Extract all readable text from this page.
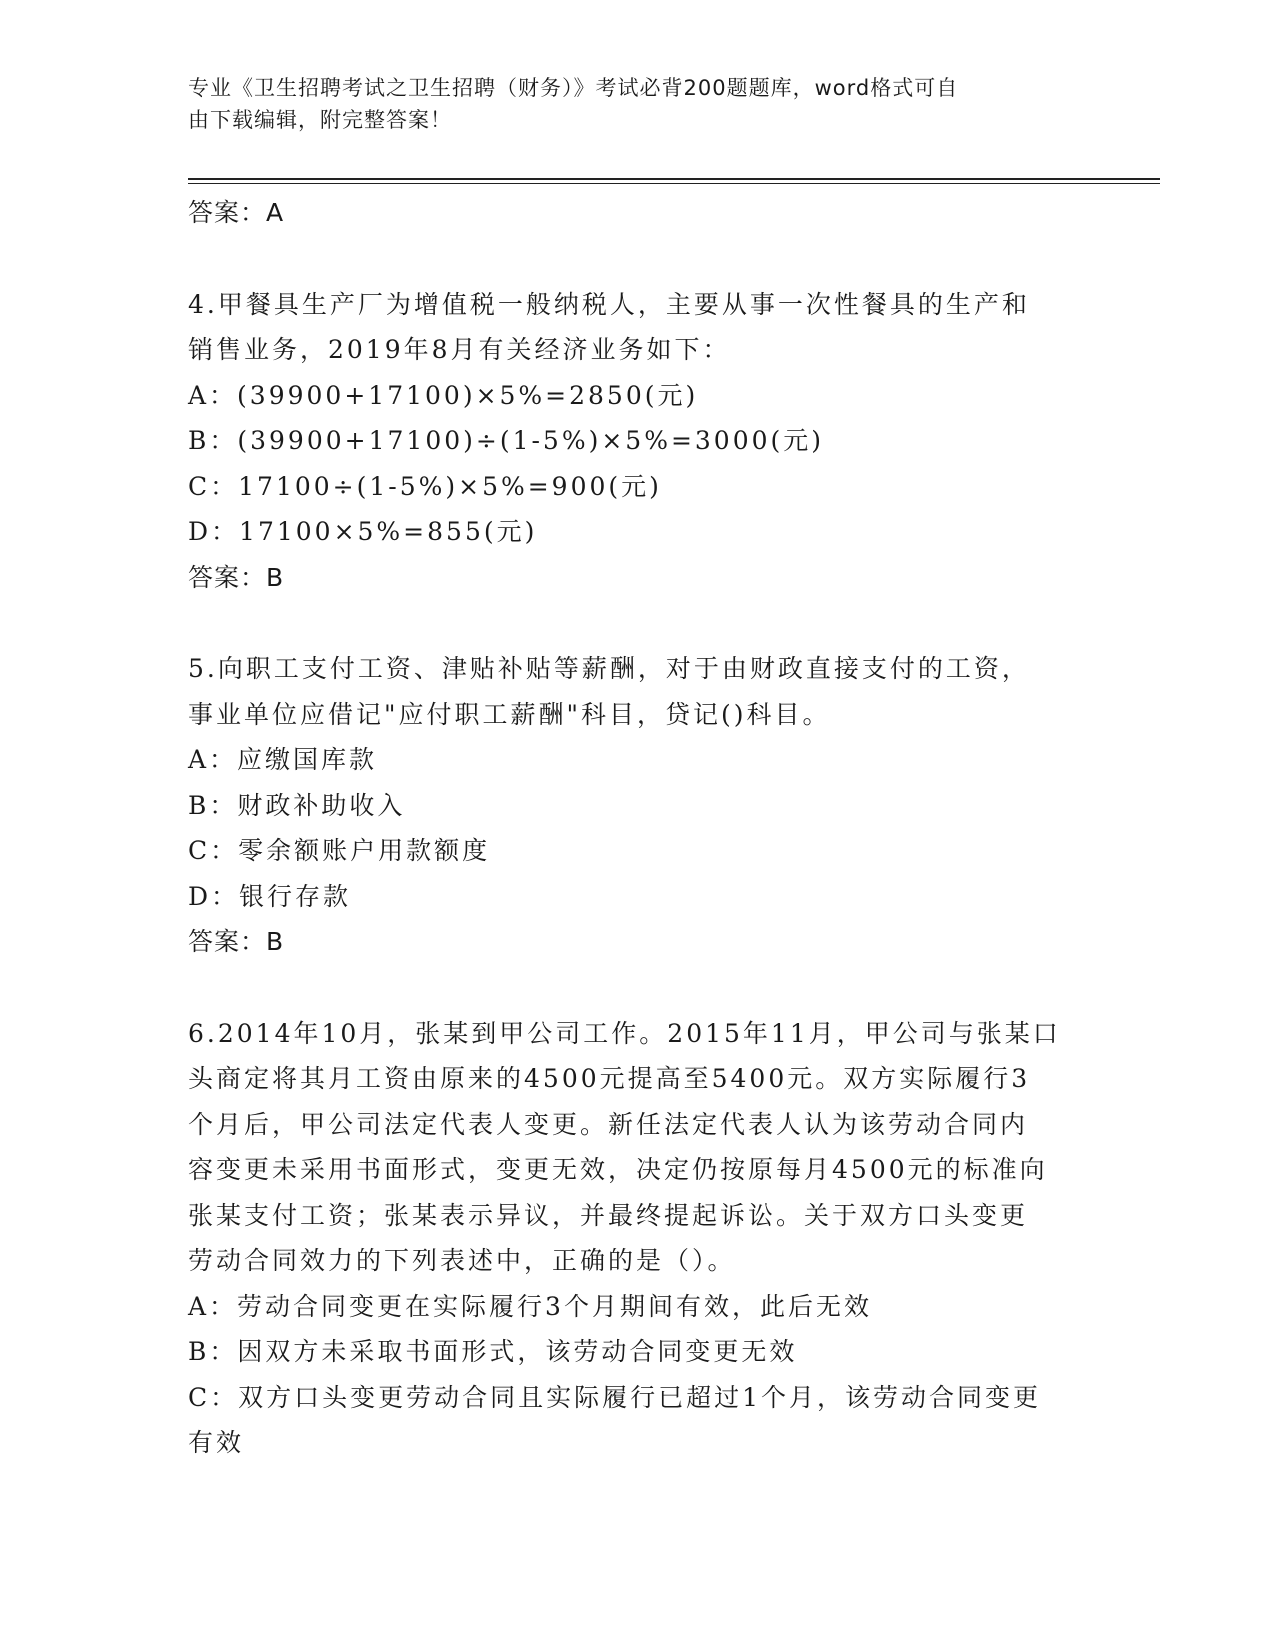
专业《卫生招聘考试之卫生招聘（财务）》考试必背200题题库，word格式可自
由下载编辑，附完整答案！
答案：A
4.甲餐具生产厂为增值税一般纳税人，主要从事一次性餐具的生产和
销售业务，2019年8月有关经济业务如下：
A：(39900+17100)×5%=2850(元)
B：(39900+17100)÷(1-5%)×5%=3000(元)
C：17100÷(1-5%)×5%=900(元)
D：17100×5%=855(元)
答案：B
5.向职工支付工资、津贴补贴等薪酬，对于由财政直接支付的工资，
事业单位应借记"应付职工薪酬"科目，贷记()科目。
A：应缴国库款
B：财政补助收入
C：零余额账户用款额度
D：银行存款
答案：B
6.2014年10月，张某到甲公司工作。2015年11月，甲公司与张某口
头商定将其月工资由原来的4500元提高至5400元。双方实际履行3
个月后，甲公司法定代表人变更。新任法定代表人认为该劳动合同内
容变更未采用书面形式，变更无效，决定仍按原每月4500元的标准向
张某支付工资；张某表示异议，并最终提起诉讼。关于双方口头变更
劳动合同效力的下列表述中，正确的是（）。
A：劳动合同变更在实际履行3个月期间有效，此后无效
B：因双方未采取书面形式，该劳动合同变更无效
C：双方口头变更劳动合同且实际履行已超过1个月，该劳动合同变更
有效
